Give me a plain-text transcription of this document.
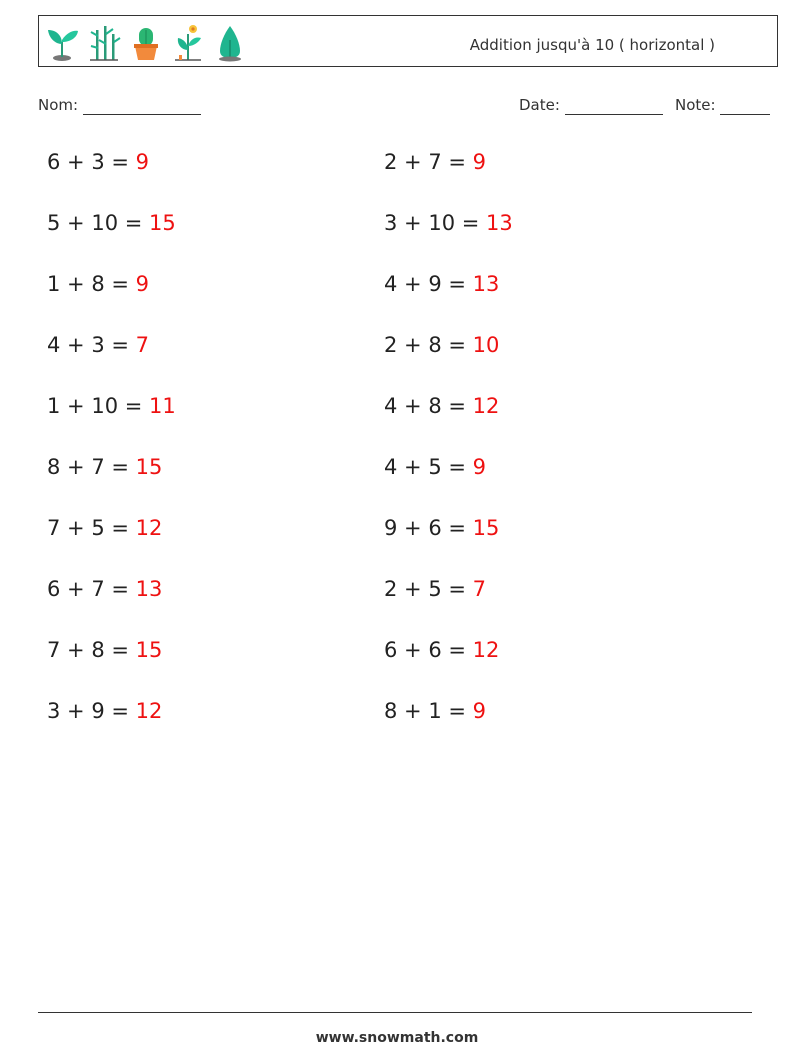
Addition jusqu'à 10 ( horizontal )
Nom:	Date:	Note:
6 + 3 = 9	2 + 7 = 9
5 + 10 = 15	3 + 10 = 13
1 + 8 = 9	4 + 9 = 13
4 + 3 = 7	2 + 8 = 10
1 + 10 = 11	4 + 8 = 12
8 + 7 = 15	4 + 5 = 9
7 + 5 = 12	9 + 6 = 15
6 + 7 = 13	2 + 5 = 7
7 + 8 = 15	6 + 6 = 12
3 + 9 = 12	8 + 1 = 9
www.snowmath.com
